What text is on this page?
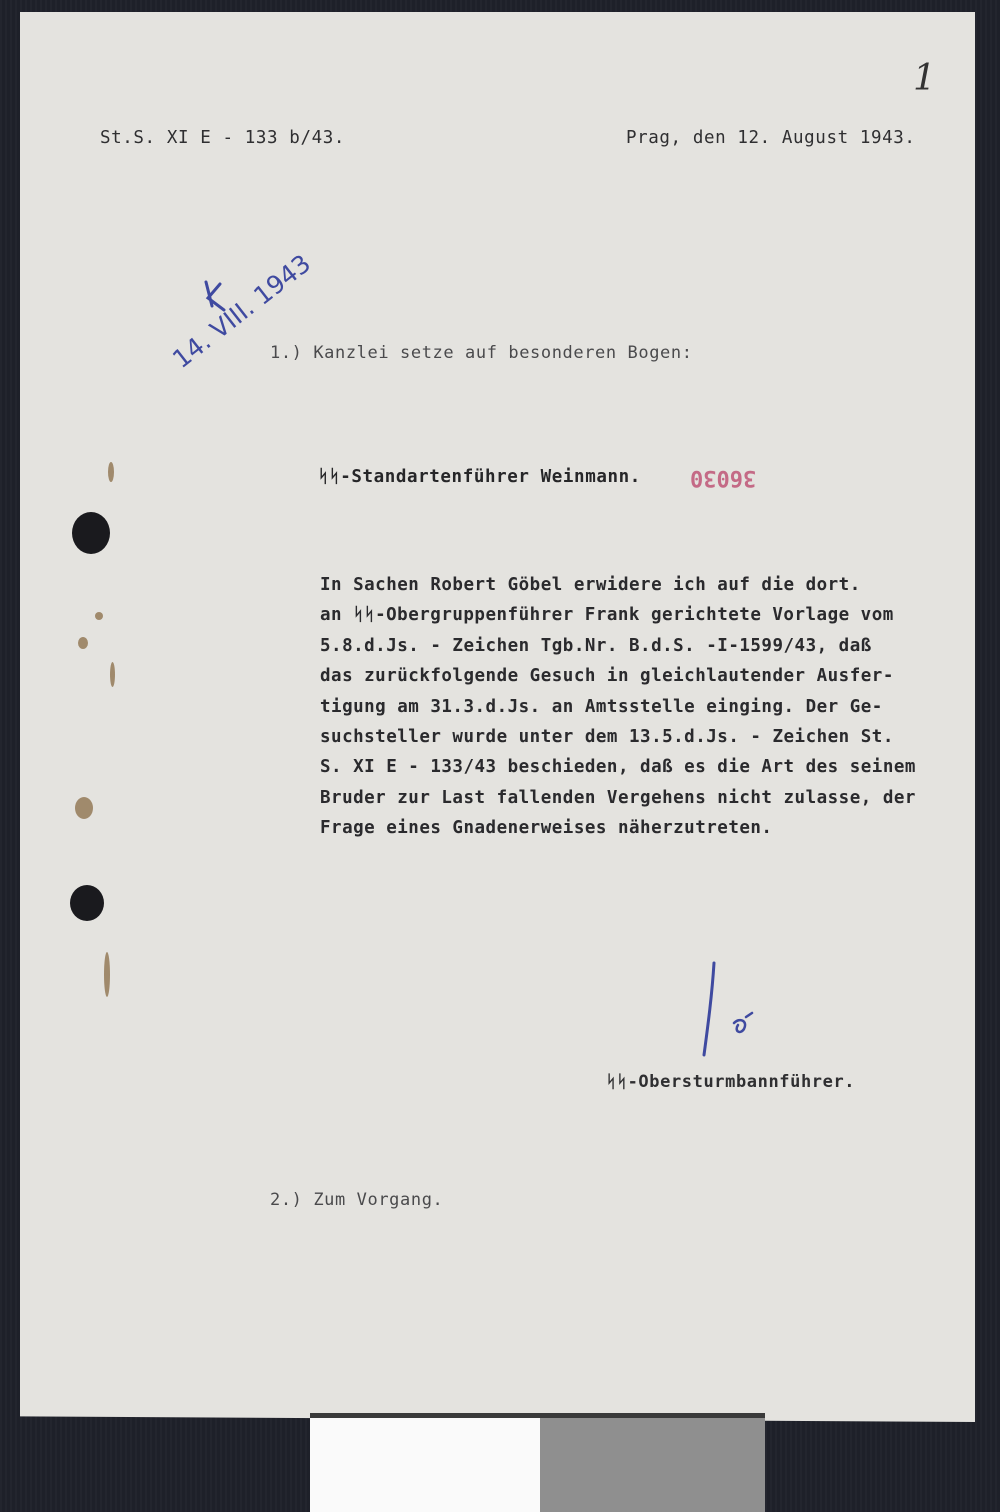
1
St.S. XI E - 133 b/43.	Prag, den 12. August 1943.
14. VIII. 1943
1.) Kanzlei setze auf besonderen Bogen:
ᛋᛋ-Standartenführer Weinmann. 36030
In Sachen Robert Göbel erwidere ich auf die dort.
an ᛋᛋ-Obergruppenführer Frank gerichtete Vorlage vom
5.8.d.Js. - Zeichen Tgb.Nr. B.d.S. -I-1599/43, daß
das zurückfolgende Gesuch in gleichlautender Ausfer-
tigung am 31.3.d.Js. an Amtsstelle einging. Der Ge-
suchsteller wurde unter dem 13.5.d.Js. - Zeichen St.
S. XI E - 133/43 beschieden, daß es die Art des seinem
Bruder zur Last fallenden Vergehens nicht zulasse, der
Frage eines Gnadenerweises näherzutreten.
ᛋᛋ-Obersturmbannführer.
2.) Zum Vorgang.
